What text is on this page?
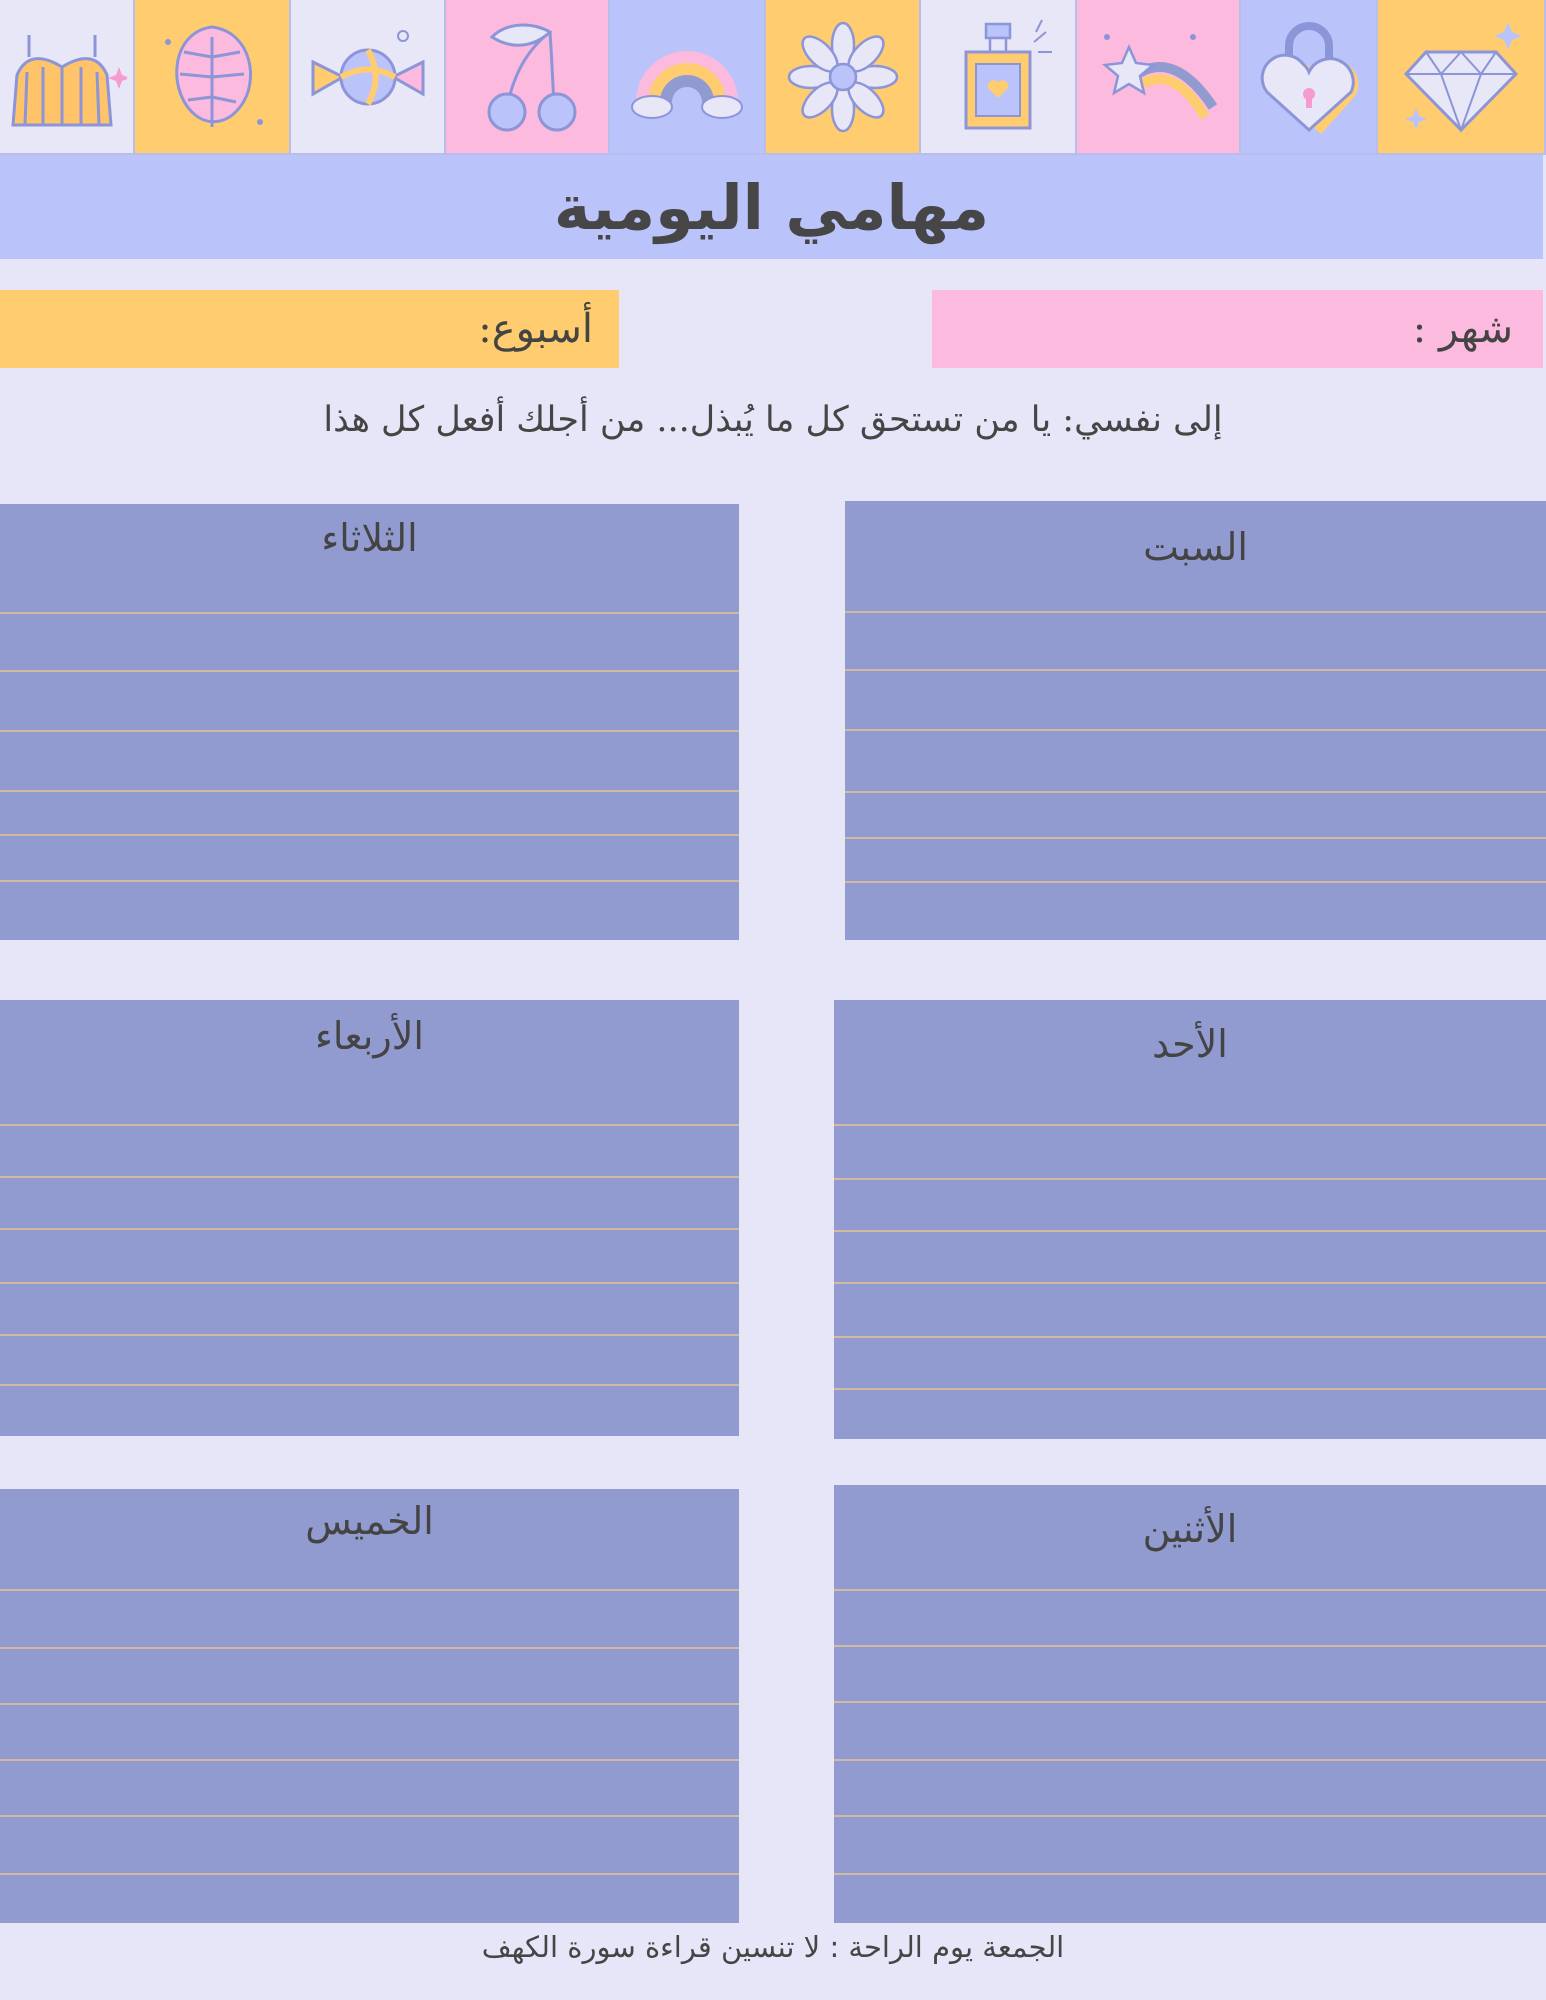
مهامي اليومية
شهر :
أسبوع:
إلى نفسي: يا من تستحق كل ما يُبذل... من أجلك أفعل كل هذا
السبت
الأحد
الأثنين
الثلاثاء
الأربعاء
الخميس
الجمعة يوم الراحة : لا تنسين قراءة سورة الكهف
